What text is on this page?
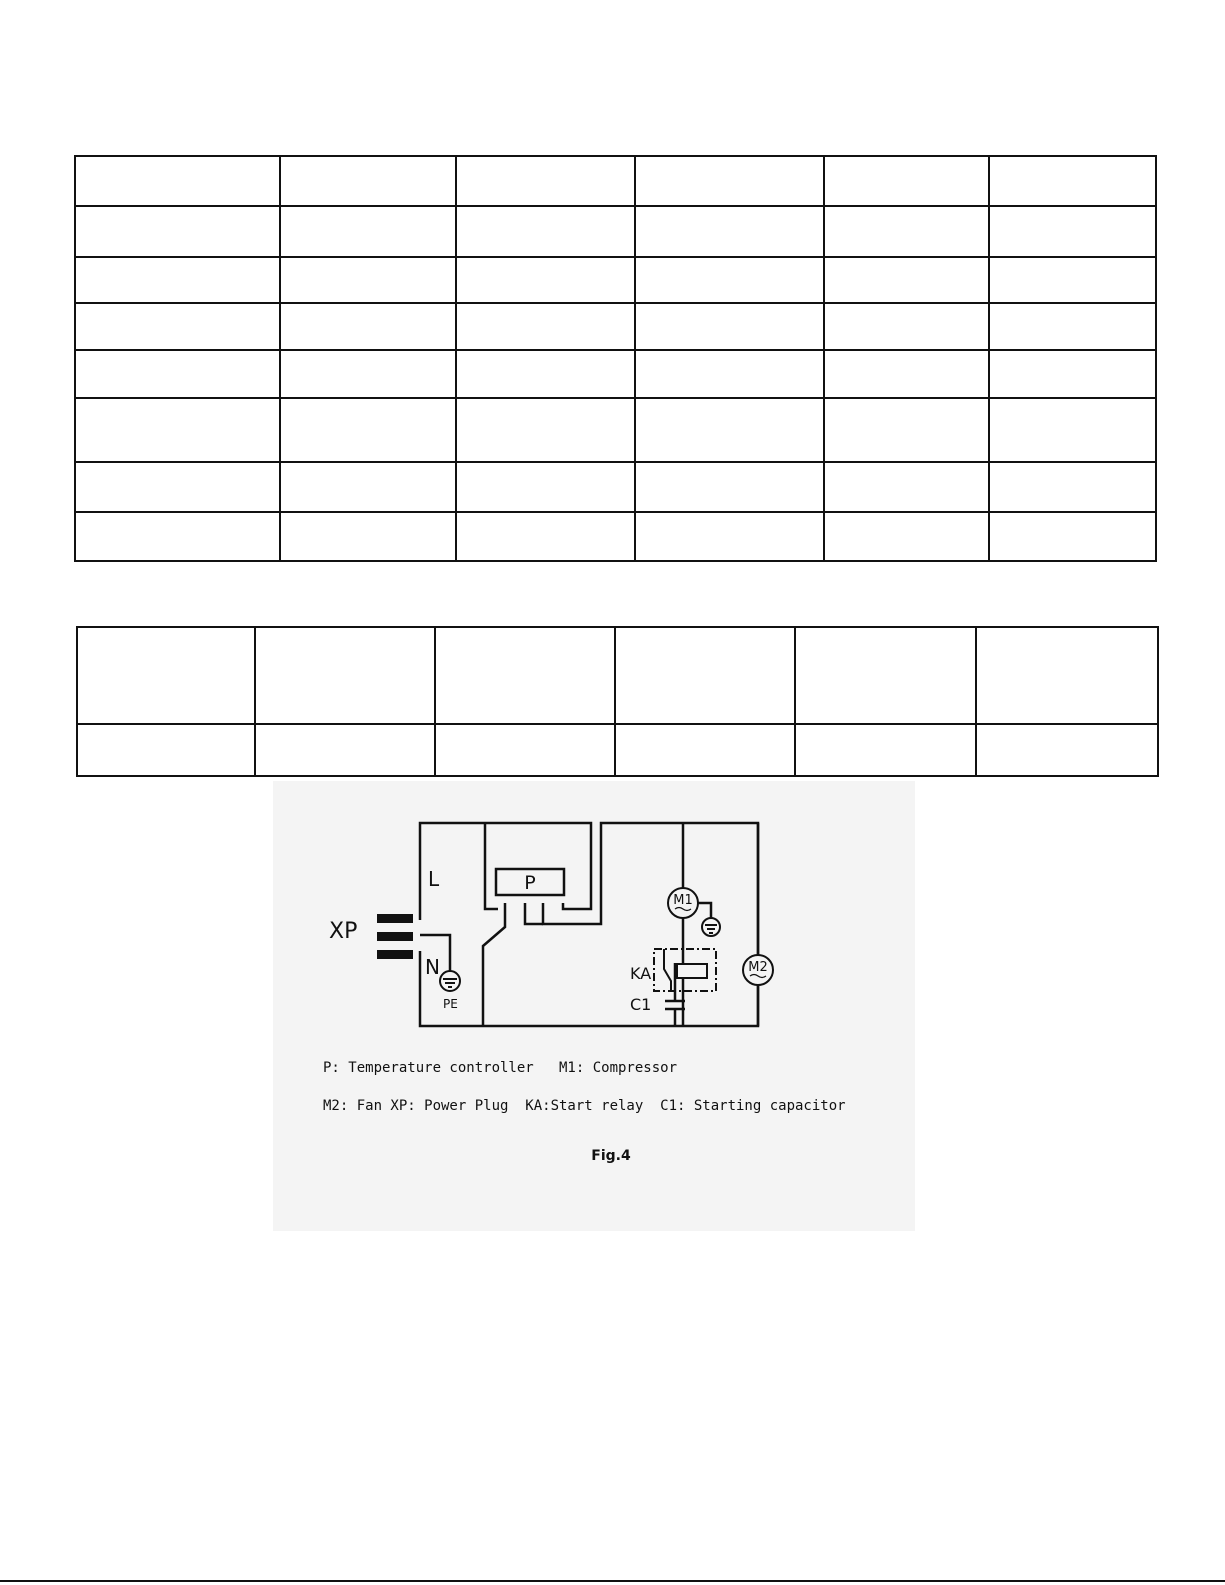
XP
L
N
PE
P
M1
KA
C1
M2
P: Temperature controller   M1: Compressor
M2: Fan XP: Power Plug  KA:Start relay  C1: Starting capacitor
Fig.4
